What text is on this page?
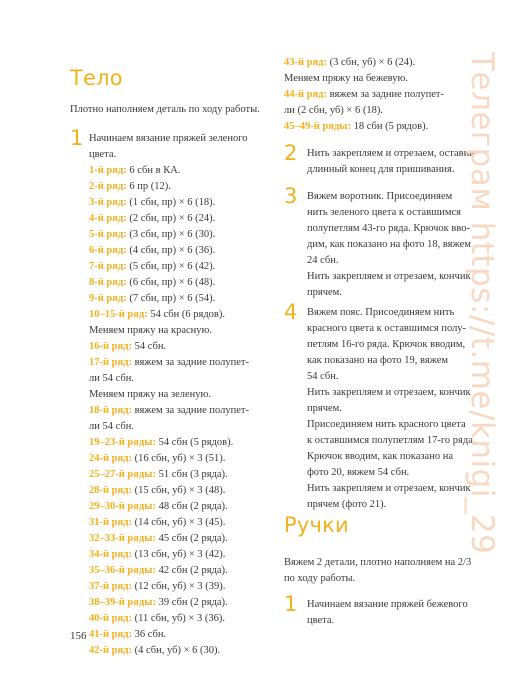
Тело
Плотно наполняем деталь по ходу работы.
1 Начинаем вязание пряжей зеленого
цвета.
1-й ряд: 6 сбн в КА.
2-й ряд: 6 пр (12).
3-й ряд: (1 сбн, пр) × 6 (18).
4-й ряд: (2 сбн, пр) × 6 (24).
5-й ряд: (3 сбн, пр) × 6 (30).
6-й ряд: (4 сбн, пр) × 6 (36).
7-й ряд: (5 сбн, пр) × 6 (42).
8-й ряд: (6 сбн, пр) × 6 (48).
9-й ряд: (7 сбн, пр) × 6 (54).
10–15-й ряд: 54 сбн (6 рядов).
Меняем пряжу на красную.
16-й ряд: 54 сбн.
17-й ряд: вяжем за задние полупет-
ли 54 сбн.
Меняем пряжу на зеленую.
18-й ряд: вяжем за задние полупет-
ли 54 сбн.
19–23-й ряды: 54 сбн (5 рядов).
24-й ряд: (16 сбн, уб) × 3 (51).
25–27-й ряды: 51 сбн (3 ряда).
28-й ряд: (15 сбн, уб) × 3 (48).
29–30-й ряды: 48 сбн (2 ряда).
31-й ряд: (14 сбн, уб) × 3 (45).
32–33-й ряды: 45 сбн (2 ряда).
34-й ряд: (13 сбн, уб) × 3 (42).
35–36-й ряды: 42 сбн (2 ряда).
37-й ряд: (12 сбн, уб) × 3 (39).
38–39-й ряды: 39 сбн (2 ряда).
40-й ряд: (11 сбн, уб) × 3 (36).
41-й ряд: 36 сбн.
42-й ряд: (4 сбн, уб) × 6 (30).
156
43-й ряд: (3 сбн, уб) × 6 (24).
Меняем пряжу на бежевую.
44-й ряд: вяжем за задние полупет-
ли (2 сбн, уб) × 6 (18).
45–49-й ряды: 18 сбн (5 рядов).
2 Нить закрепляем и отрезаем, оставив
длинный конец для пришивания.
3 Вяжем воротник. Присоединяем
нить зеленого цвета к оставшимся
полупетлям 43-го ряда. Крючок вво-
дим, как показано на фото 18, вяжем
24 сбн.
Нить закрепляем и отрезаем, кончик
прячем.
4 Вяжем пояс. Присоединяем нить
красного цвета к оставшимся полу-
петлям 16-го ряда. Крючок вводим,
как показано на фото 19, вяжем
54 сбн.
Нить закрепляем и отрезаем, кончик
прячем.
Присоединяем нить красного цвета
к оставшимся полупетлям 17-го ряда.
Крючок вводим, как показано на
фото 20, вяжем 54 сбн.
Нить закрепляем и отрезаем, кончик
прячем (фото 21).
Ручки
Вяжем 2 детали, плотно наполняем на 2/3
по ходу работы.
1 Начинаем вязание пряжей бежевого
цвета.
Телеграм https://t.me/knigi_29
